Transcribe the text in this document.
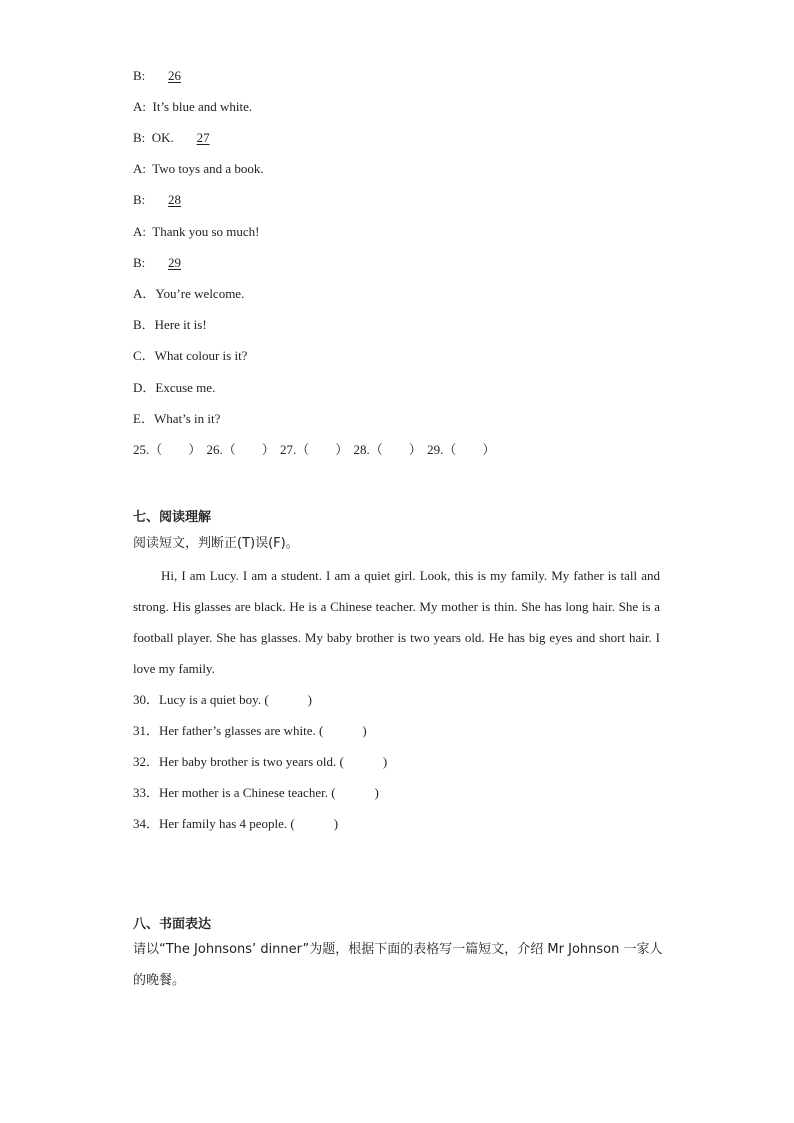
B: 26
A: It’s blue and white.
B: OK. 27
A: Two toys and a book.
B: 28
A: Thank you so much!
B: 29
A．You’re welcome.
B．Here it is!
C．What colour is it?
D．Excuse me.
E．What’s in it?
25.（　　） 26.（　　） 27.（　　） 28.（　　） 29.（　　）
七、阅读理解
阅读短文，判断正(T)误(F)。
Hi, I am Lucy. I am a student. I am a quiet girl. Look, this is my family. My father is tall and strong. His glasses are black. He is a Chinese teacher. My mother is thin. She has long hair. She is a football player. She has glasses. My baby brother is two years old. He has big eyes and short hair. I love my family.
30．Lucy is a quiet boy. (　　　)
31．Her father’s glasses are white. (　　　)
32．Her baby brother is two years old. (　　　)
33．Her mother is a Chinese teacher. (　　　)
34．Her family has 4 people. (　　　)
八、书面表达
请以“The Johnsons’ dinner”为题，根据下面的表格写一篇短文，介绍 Mr Johnson 一家人的晚餐。
